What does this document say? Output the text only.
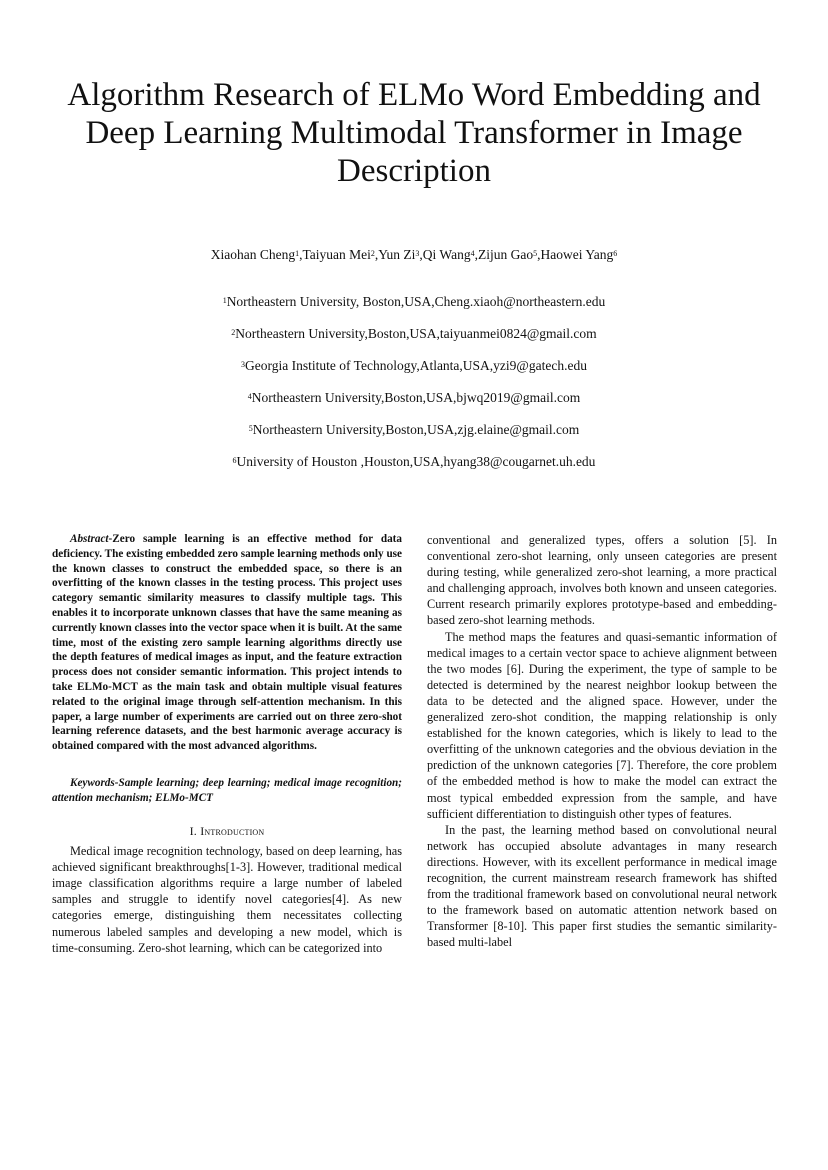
Algorithm Research of ELMo Word Embedding and
Deep Learning Multimodal Transformer in Image
Description
Xiaohan Cheng$^1$,Taiyuan Mei$^2$,Yun Zi$^3$,Qi Wang$^4$,Zijun Gao$^5$,Haowei Yang$^6$
$^1$Northeastern University, Boston,USA,Cheng.xiaoh@northeastern.edu
$^2$Northeastern University,Boston,USA,taiyuanmei0824@gmail.com
$^3$Georgia Institute of Technology,Atlanta,USA,yzi9@gatech.edu
$^4$Northeastern University,Boston,USA,bjwq2019@gmail.com
$^5$Northeastern University,Boston,USA,zjg.elaine@gmail.com
$^6$University of Houston ,Houston,USA,hyang38@cougarnet.uh.edu

Abstract-Zero sample learning is an effective method for data deficiency. The existing embedded zero sample learning methods only use the known classes to construct the embedded space, so there is an overfitting of the known classes in the testing process. This project uses category semantic similarity measures to classify multiple tags. This enables it to incorporate unknown classes that have the same meaning as currently known classes into the vector space when it is built. At the same time, most of the existing zero sample learning algorithms directly use the depth features of medical images as input, and the feature extraction process does not consider semantic information. This project intends to take ELMo-MCT as the main task and obtain multiple visual features related to the original image through self-attention mechanism. In this paper, a large number of experiments are carried out on three zero-shot learning reference datasets, and the best harmonic average accuracy is obtained compared with the most advanced algorithms.

Keywords-Sample learning; deep learning; medical image recognition; attention mechanism; ELMo-MCT

I. Introduction

Medical image recognition technology, based on deep learning, has achieved significant breakthroughs[1-3]. However, traditional medical image classification algorithms require a large number of labeled samples and struggle to identify novel categories[4]. As new categories emerge, distinguishing them necessitates collecting numerous labeled samples and developing a new model, which is time-consuming. Zero-shot learning, which can be categorized into

conventional and generalized types, offers a solution [5]. In conventional zero-shot learning, only unseen categories are present during testing, while generalized zero-shot learning, a more practical and challenging approach, involves both known and unseen categories. Current research primarily explores prototype-based and embedding-based zero-shot learning methods.

The method maps the features and quasi-semantic information of medical images to a certain vector space to achieve alignment between the two modes [6]. During the experiment, the type of sample to be detected is determined by the nearest neighbor lookup between the data to be detected and the aligned space. However, under the generalized zero-shot condition, the mapping relationship is only established for the known categories, which is likely to lead to the overfitting of the unknown categories and the obvious deviation in the prediction of the unknown categories [7]. Therefore, the core problem of the embedded method is how to make the model can extract the most typical embedded expression from the sample, and have sufficient differentiation to distinguish other types of features.

In the past, the learning method based on convolutional neural network has occupied absolute advantages in many research directions. However, with its excellent performance in medical image recognition, the current mainstream research framework has shifted from the traditional framework based on convolutional neural network to the framework based on automatic attention network based on Transformer [8-10]. This paper first studies the semantic similarity-based multi-label
